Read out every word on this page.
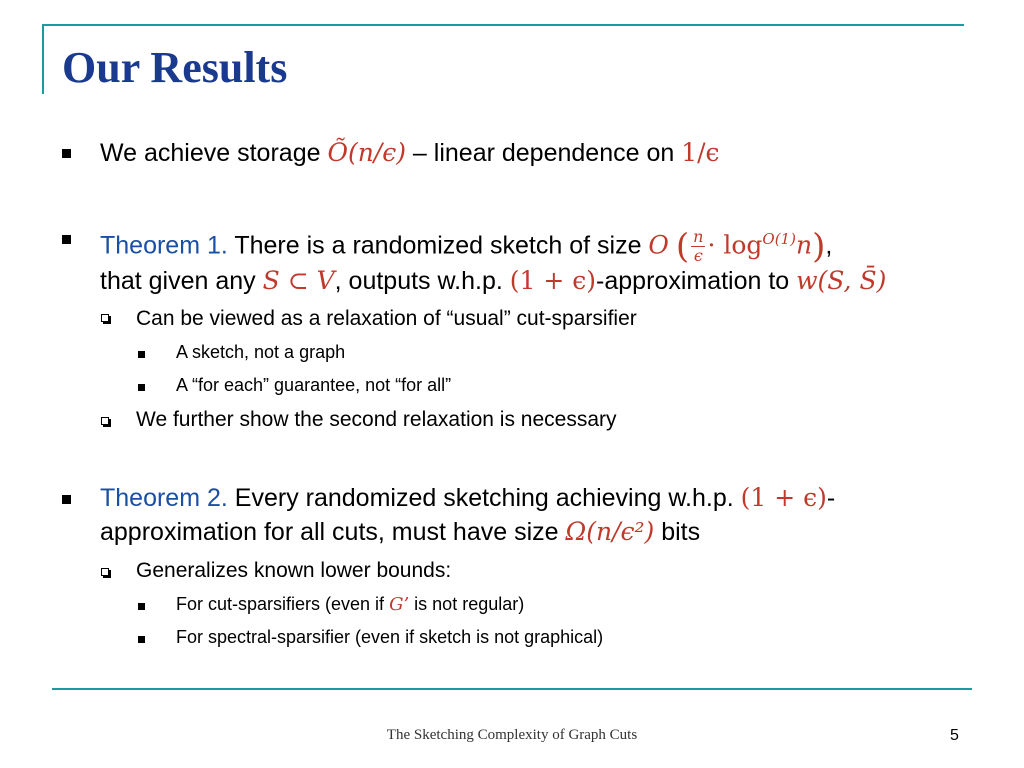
Our Results
We achieve storage Õ(n/ϵ) – linear dependence on 1/ϵ
Theorem 1. There is a randomized sketch of size O ( $\frac{n}{\epsilon} \cdot \log^{O(1)}n$),
that given any S ⊂ V, outputs w.h.p. (1 + ϵ)-approximation to w(S, S̄)
Can be viewed as a relaxation of “usual” cut-sparsifier
A sketch, not a graph
A “for each” guarantee, not “for all”
We further show the second relaxation is necessary
Theorem 2. Every randomized sketching achieving w.h.p. (1 + ϵ)-
approximation for all cuts, must have size Ω(n/ϵ²) bits
Generalizes known lower bounds:
For cut-sparsifiers (even if G’ is not regular)
For spectral-sparsifier (even if sketch is not graphical)
The Sketching Complexity of Graph Cuts	5
